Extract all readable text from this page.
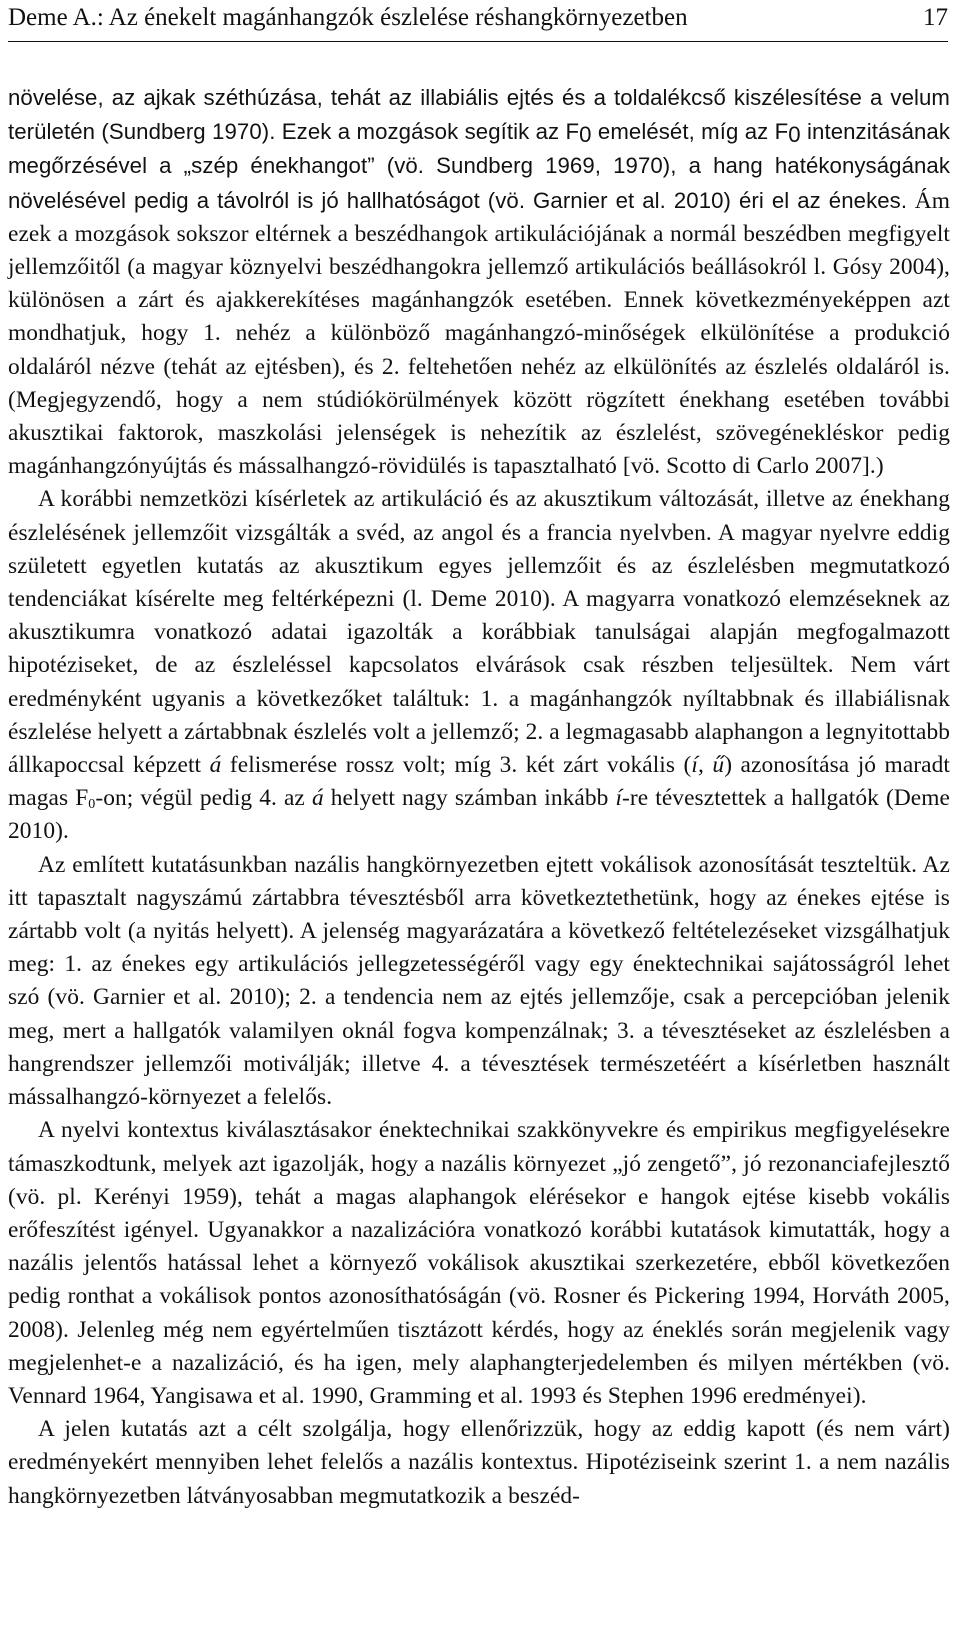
Deme A.: Az énekelt magánhangzók észlelése réshangkörnyezetben	17

növelése, az ajkak széthúzása, tehát az illabiális ejtés és a toldalékcső kiszélesítése a velum területén (Sundberg 1970). Ezek a mozgások segítik az $F_0$ emelését, míg az $F_0$ intenzitásának megőrzésével a „szép énekhangot” (vö. Sundberg 1969, 1970), a hang hatékonyságának növelésével pedig a távolról is jó hallhatóságot (vö. Garnier et al. 2010) éri el az énekes. Ám ezek a mozgások sokszor eltérnek a beszédhangok artikulációjának a normál beszédben megfigyelt jellemzőitől (a magyar köznyelvi beszédhangokra jellemző artikulációs beállásokról l. Gósy 2004), különösen a zárt és ajakkerekítéses magánhangzók esetében. Ennek következményeképpen azt mondhatjuk, hogy 1. nehéz a különböző magánhangzó-minőségek elkülönítése a produkció oldaláról nézve (tehát az ejtésben), és 2. feltehetően nehéz az elkülönítés az észlelés oldaláról is. (Megjegyzendő, hogy a nem stúdiókörülmények között rögzített énekhang esetében további akusztikai faktorok, maszkolási jelenségek is nehezítik az észlelést, szövegénekléskor pedig magánhangzónyújtás és mássalhangzó-rövidülés is tapasztalható [vö. Scotto di Carlo 2007].)

A korábbi nemzetközi kísérletek az artikuláció és az akusztikum változását, illetve az énekhang észlelésének jellemzőit vizsgálták a svéd, az angol és a francia nyelvben. A magyar nyelvre eddig született egyetlen kutatás az akusztikum egyes jellemzőit és az észlelésben megmutatkozó tendenciákat kísérelte meg feltérképezni (l. Deme 2010). A magyarra vonatkozó elemzéseknek az akusztikumra vonatkozó adatai igazolták a korábbiak tanulságai alapján megfogalmazott hipotéziseket, de az észleléssel kapcsolatos elvárások csak részben teljesültek. Nem várt eredményként ugyanis a következőket találtuk: 1. a magánhangzók nyíltabbnak és illabiálisnak észlelése helyett a zártabbnak észlelés volt a jellemző; 2. a legmagasabb alaphangon a legnyitottabb állkapoccsal képzett á felismerése rossz volt; míg 3. két zárt vokális (í, ű) azonosítása jó maradt magas $F_0-on$; végül pedig 4. az á helyett nagy számban inkább í-re tévesztettek a hallgatók (Deme 2010).

Az említett kutatásunkban nazális hangkörnyezetben ejtett vokálisok azonosítását teszteltük. Az itt tapasztalt nagyszámú zártabbra tévesztésből arra következtethetünk, hogy az énekes ejtése is zártabb volt (a nyitás helyett). A jelenség magyarázatára a következő feltételezéseket vizsgálhatjuk meg: 1. az énekes egy artikulációs jellegzetességéről vagy egy énektechnikai sajátosságról lehet szó (vö. Garnier et al. 2010); 2. a tendencia nem az ejtés jellemzője, csak a percepcióban jelenik meg, mert a hallgatók valamilyen oknál fogva kompenzálnak; 3. a tévesztéseket az észlelésben a hangrendszer jellemzői motiválják; illetve 4. a tévesztések természetéért a kísérletben használt mássalhangzó-környezet a felelős.

A nyelvi kontextus kiválasztásakor énektechnikai szakkönyvekre és empirikus megfigyelésekre támaszkodtunk, melyek azt igazolják, hogy a nazális környezet „jó zengető”, jó rezonanciafejlesztő (vö. pl. Kerényi 1959), tehát a magas alaphangok elérésekor e hangok ejtése kisebb vokális erőfeszítést igényel. Ugyanakkor a nazalizációra vonatkozó korábbi kutatások kimutatták, hogy a nazális jelentős hatással lehet a környező vokálisok akusztikai szerkezetére, ebből következően pedig ronthat a vokálisok pontos azonosíthatóságán (vö. Rosner és Pickering 1994, Horváth 2005, 2008). Jelenleg még nem egyértelműen tisztázott kérdés, hogy az éneklés során megjelenik vagy megjelenhet-e a nazalizáció, és ha igen, mely alaphangterjedelemben és milyen mértékben (vö. Vennard 1964, Yangisawa et al. 1990, Gramming et al. 1993 és Stephen 1996 eredményei).

A jelen kutatás azt a célt szolgálja, hogy ellenőrizzük, hogy az eddig kapott (és nem várt) eredményekért mennyiben lehet felelős a nazális kontextus. Hipotéziseink szerint 1. a nem nazális hangkörnyezetben látványosabban megmutatkozik a beszéd-
